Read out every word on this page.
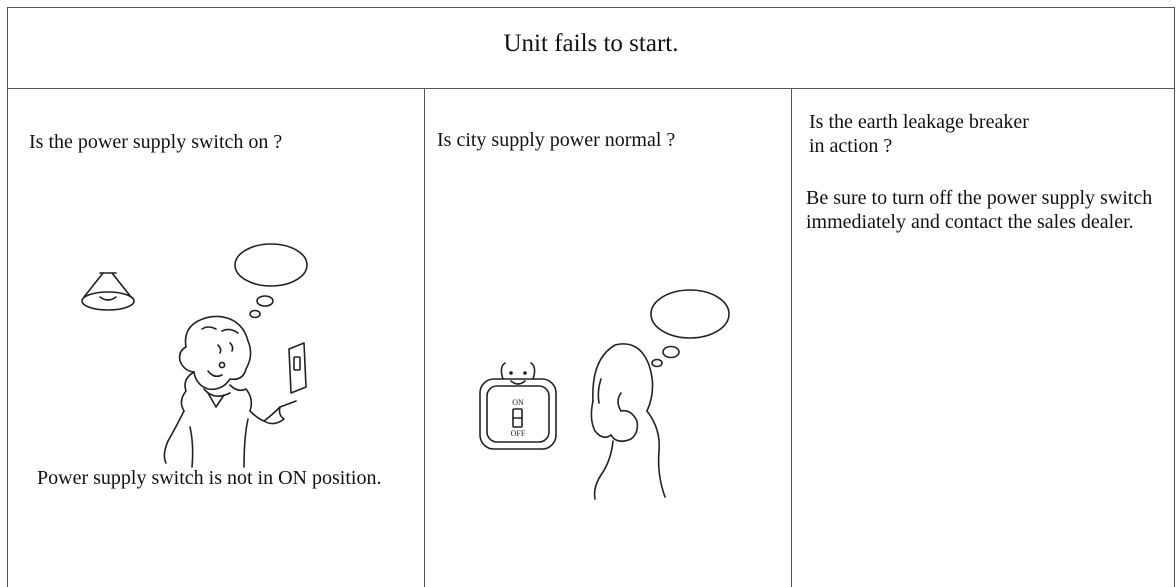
Unit fails to start.
Is the power supply switch on ?
Power supply switch is not in ON position.
Is city supply power normal ?
ON
OFF
Is the earth leakage breaker
in action ?
Be sure to turn off the power supply switch immediately and contact the sales dealer.
